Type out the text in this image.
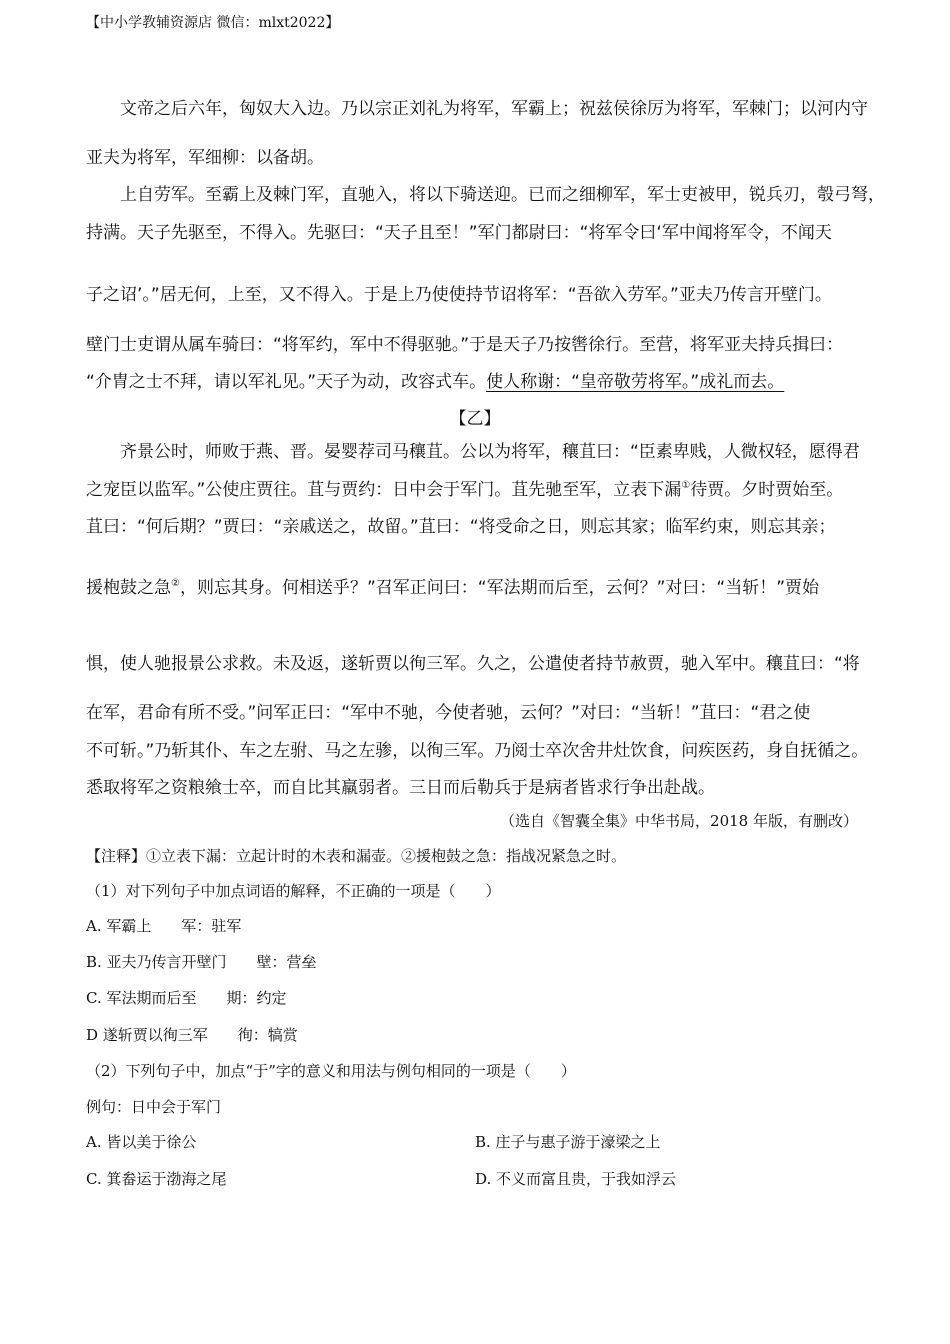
【中小学教辅资源店 微信：mlxt2022】
文帝之后六年，匈奴大入边。乃以宗正刘礼为将军，军霸上；祝兹侯徐厉为将军，军棘门；以河内守
亚夫为将军，军细柳：以备胡。
上自劳军。至霸上及棘门军，直驰入，将以下骑送迎。已而之细柳军，军士吏被甲，锐兵刃，彀弓弩，
持满。天子先驱至，不得入。先驱曰：“天子且至！”军门都尉曰：“将军令曰‘军中闻将军令，不闻天
子之诏’。”居无何，上至，又不得入。于是上乃使使持节诏将军：“吾欲入劳军。”亚夫乃传言开壁门。
壁门士吏谓从属车骑曰：“将军约，军中不得驱驰。”于是天子乃按辔徐行。至营，将军亚夫持兵揖曰：
“介胄之士不拜，请以军礼见。”天子为动，改容式车。使人称谢：“皇帝敬劳将军。”成礼而去。
【乙】
齐景公时，师败于燕、晋。晏婴荐司马穰苴。公以为将军，穰苴曰：“臣素卑贱，人微权轻，愿得君
之宠臣以监军。”公使庄贾往。苴与贾约：日中会于军门。苴先驰至军，立表下漏①待贾。夕时贾始至。
苴曰：“何后期？”贾曰：“亲戚送之，故留。”苴曰：“将受命之日，则忘其家；临军约束，则忘其亲；
援枹鼓之急②，则忘其身。何相送乎？”召军正问曰：“军法期而后至，云何？”对曰：“当斩！”贾始
惧，使人驰报景公求救。未及返，遂斩贾以徇三军。久之，公遣使者持节赦贾，驰入军中。穰苴曰：“将
在军，君命有所不受。”问军正曰：“军中不驰，今使者驰，云何？”对曰：“当斩！”苴曰：“君之使
不可斩。”乃斩其仆、车之左驸、马之左骖，以徇三军。乃阅士卒次舍井灶饮食，问疾医药，身自抚循之。
悉取将军之资粮飨士卒，而自比其羸弱者。三日而后勒兵于是病者皆求行争出赴战。
（选自《智囊全集》中华书局，2018 年版，有删改）
【注释】①立表下漏：立起计时的木表和漏壶。②援枹鼓之急：指战况紧急之时。
（1）对下列句子中加点词语的解释，不正确的一项是（　　）
A. 军霸上　　军：驻军
B. 亚夫乃传言开壁门　　壁：营垒
C. 军法期而后至　　期：约定
D 遂斩贾以徇三军　　徇：犒赏
（2）下列句子中，加点“于”字的意义和用法与例句相同的一项是（　　）
例句：日中会于军门
A. 皆以美于徐公	B. 庄子与惠子游于濠梁之上
C. 箕畚运于渤海之尾	D. 不义而富且贵，于我如浮云
